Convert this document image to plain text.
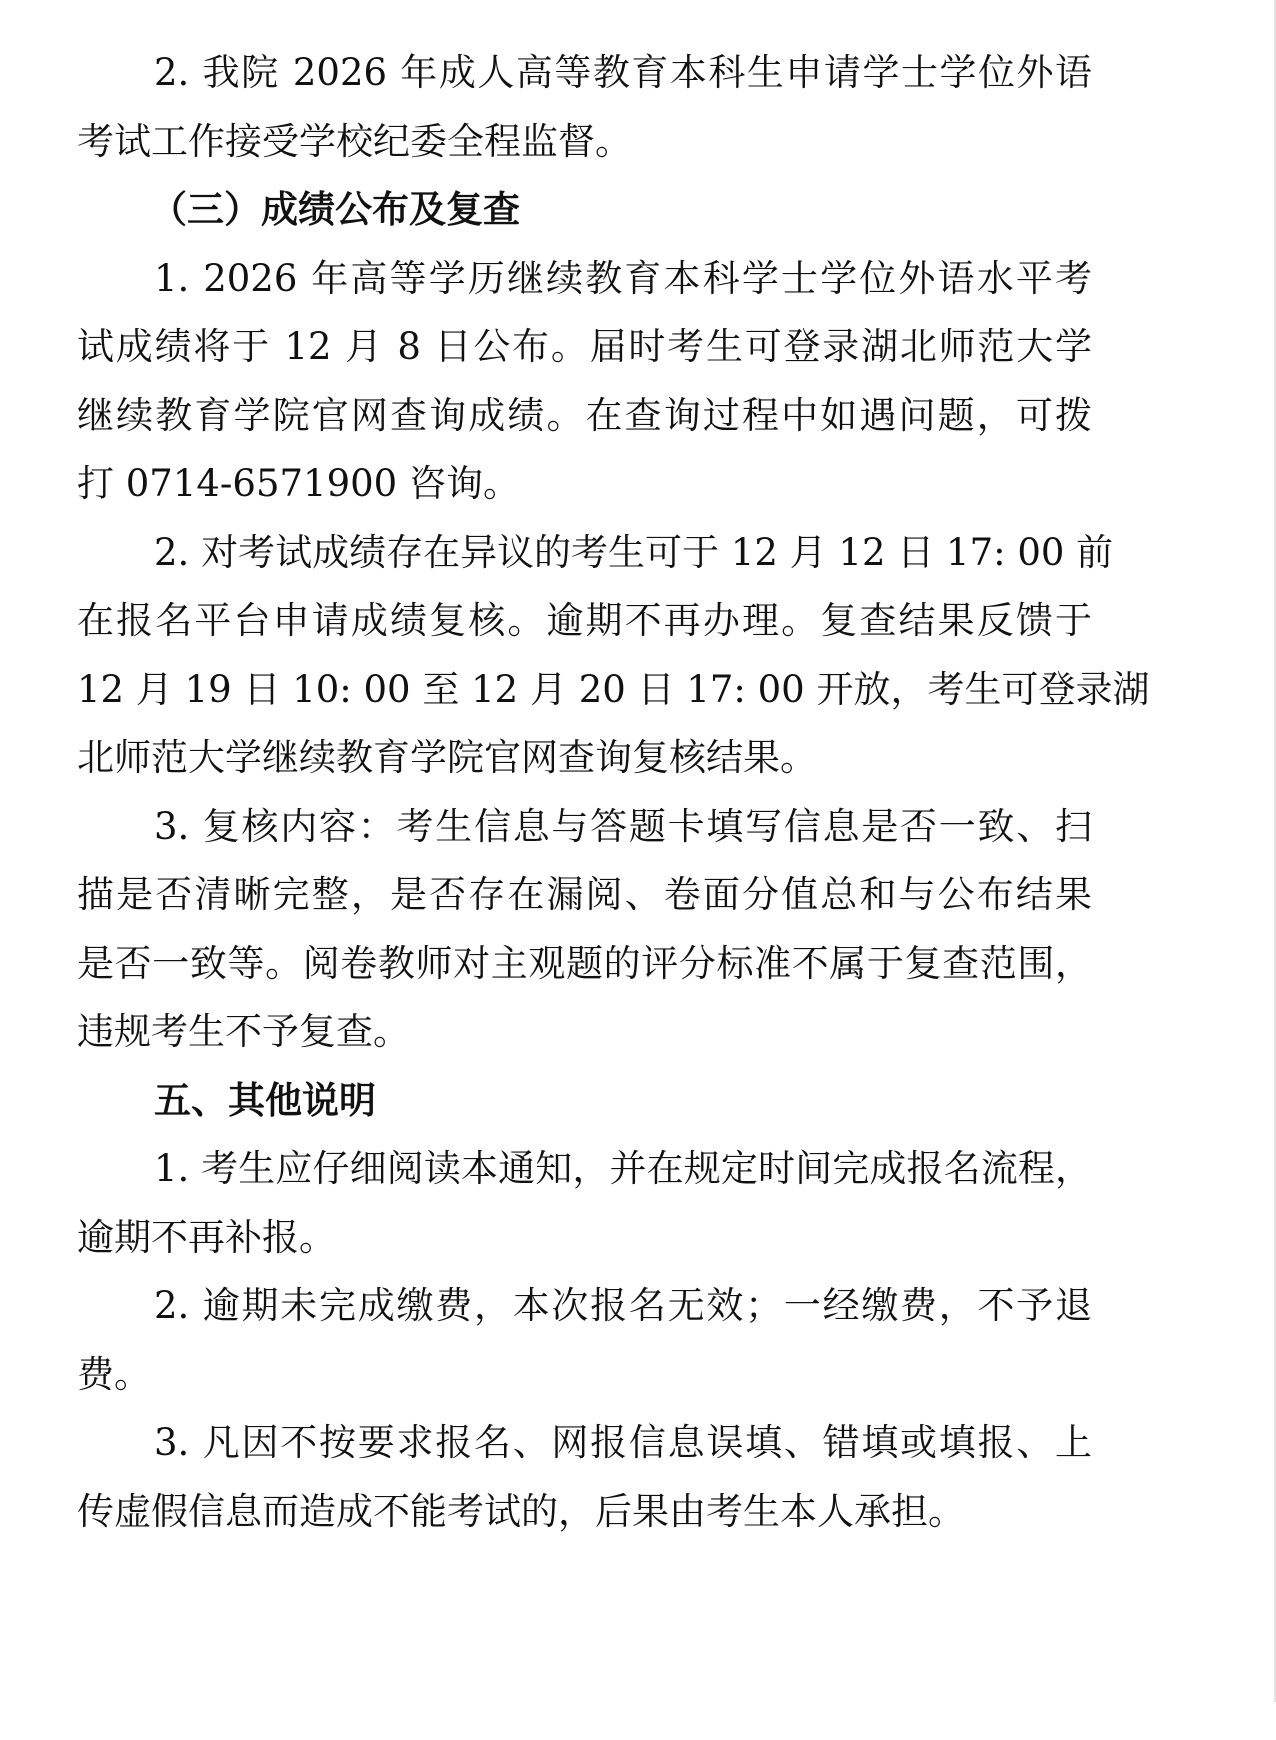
2. 我院 2026 年成人高等教育本科生申请学士学位外语
考试工作接受学校纪委全程监督。
（三）成绩公布及复查
1. 2026 年高等学历继续教育本科学士学位外语水平考
试成绩将于 12 月 8 日公布。届时考生可登录湖北师范大学
继续教育学院官网查询成绩。在查询过程中如遇问题，可拨
打 0714-6571900 咨询。
2. 对考试成绩存在异议的考生可于 12 月 12 日 17: 00 前
在报名平台申请成绩复核。逾期不再办理。复查结果反馈于
12 月 19 日 10: 00 至 12 月 20 日 17: 00 开放，考生可登录湖
北师范大学继续教育学院官网查询复核结果。
3. 复核内容：考生信息与答题卡填写信息是否一致、扫
描是否清晰完整，是否存在漏阅、卷面分值总和与公布结果
是否一致等。阅卷教师对主观题的评分标准不属于复查范围，
违规考生不予复查。
五、其他说明
1. 考生应仔细阅读本通知，并在规定时间完成报名流程，
逾期不再补报。
2. 逾期未完成缴费，本次报名无效；一经缴费，不予退
费。
3. 凡因不按要求报名、网报信息误填、错填或填报、上
传虚假信息而造成不能考试的，后果由考生本人承担。
